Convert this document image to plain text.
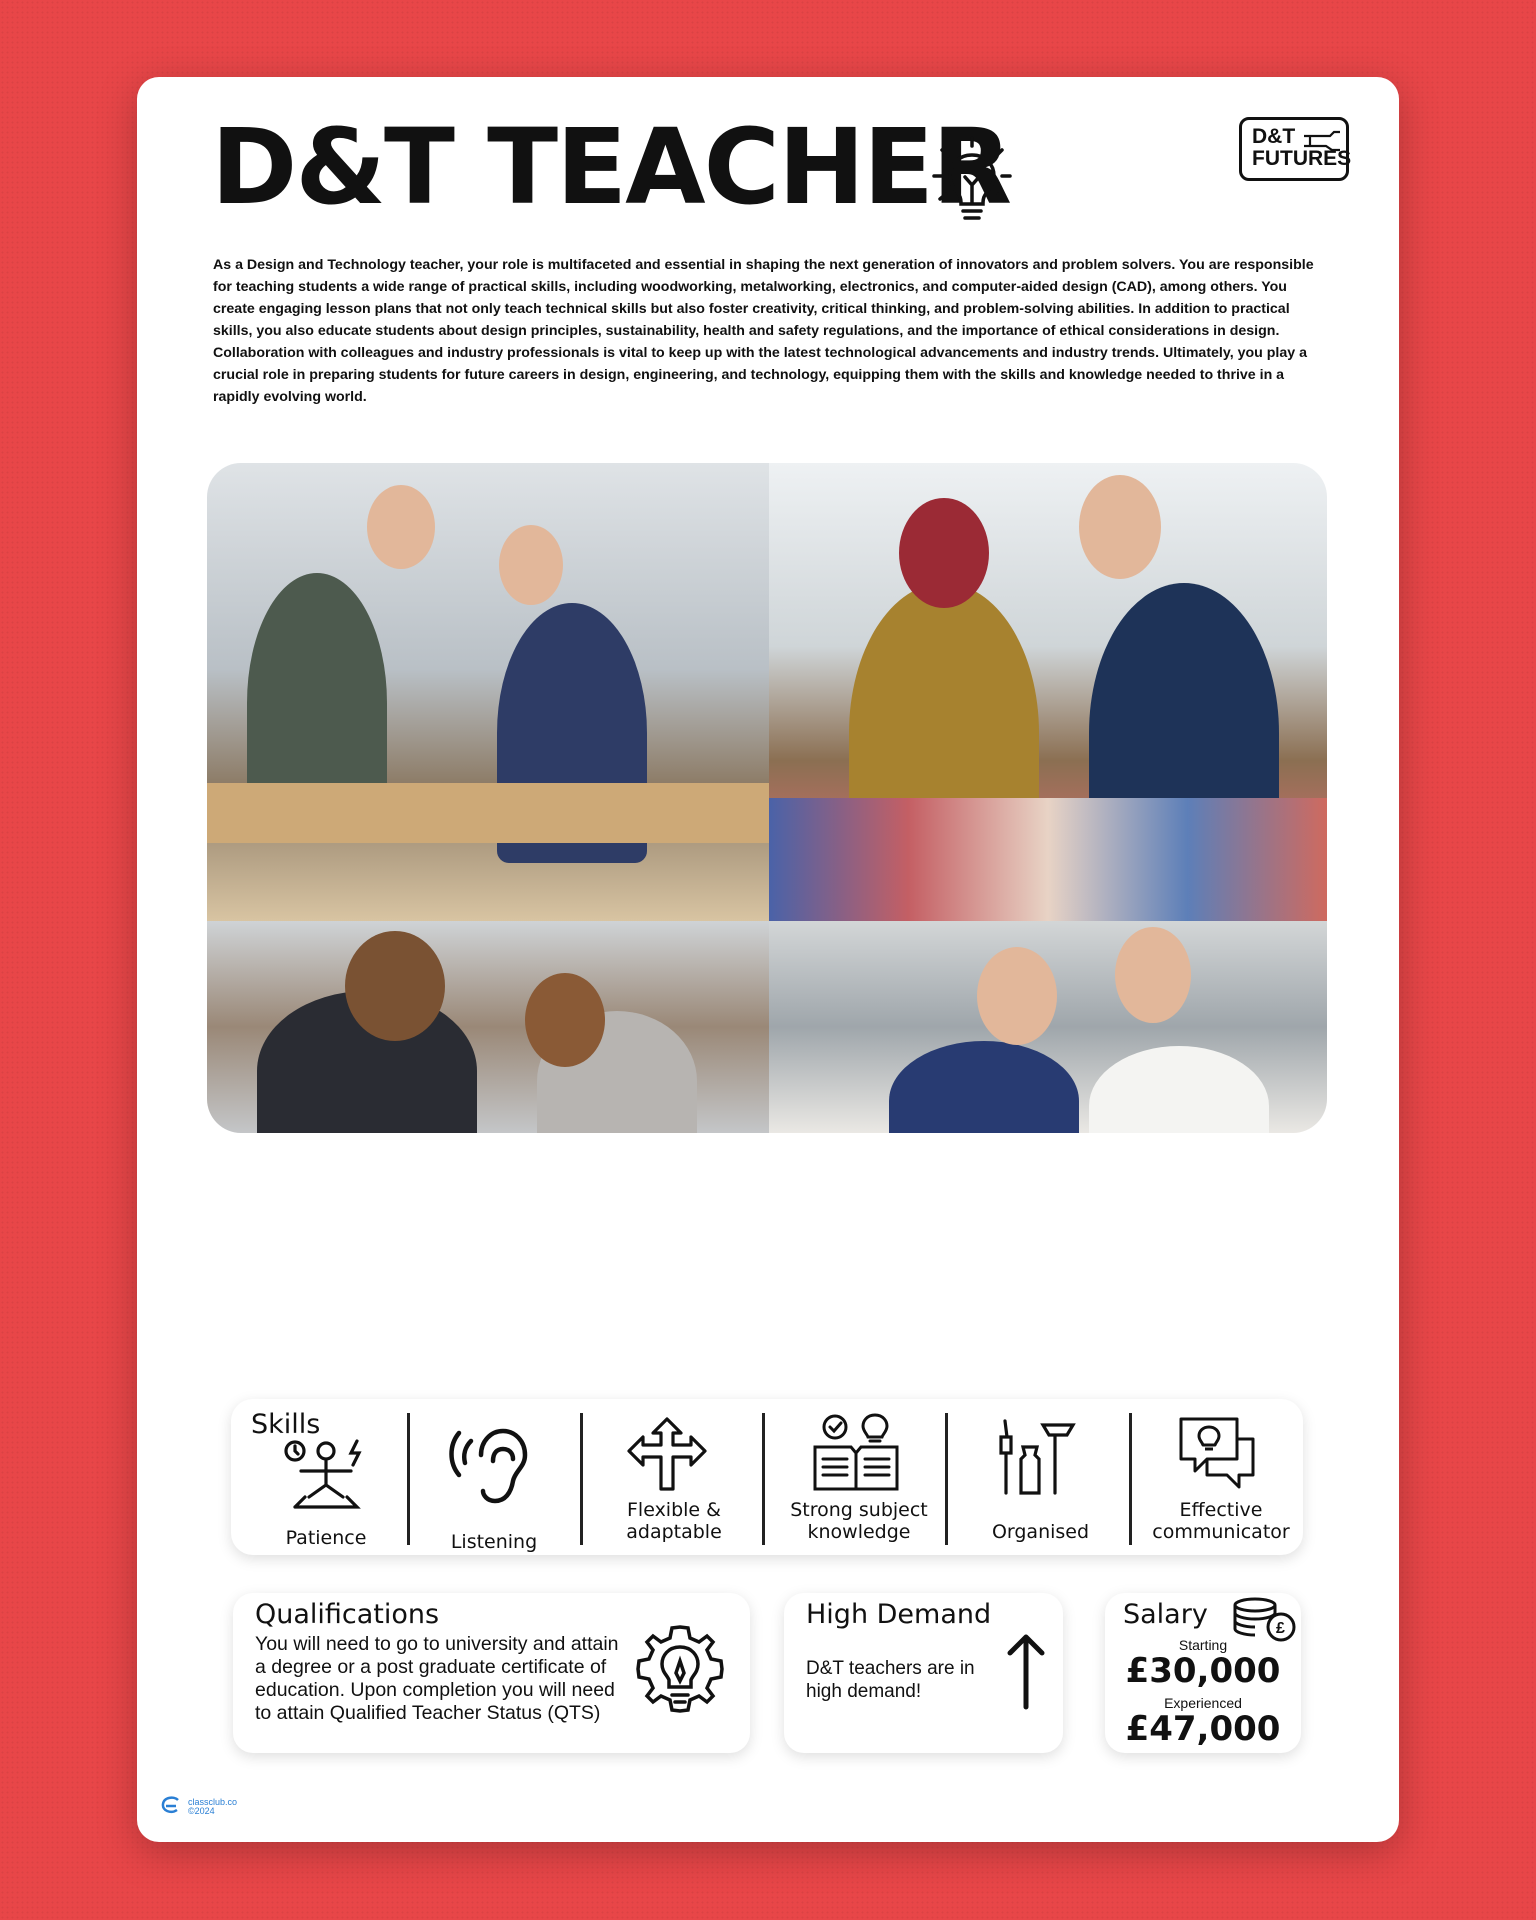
D&T TEACHER	D&T
FUTURES

As a Design and Technology teacher, your role is multifaceted and essential in shaping the next generation of innovators and problem solvers. You are responsible for teaching students a wide range of practical skills, including woodworking, metalworking, electronics, and computer-aided design (CAD), among others. You create engaging lesson plans that not only teach technical skills but also foster creativity, critical thinking, and problem-solving abilities. In addition to practical skills, you also educate students about design principles, sustainability, health and safety regulations, and the importance of ethical considerations in design. Collaboration with colleagues and industry professionals is vital to keep up with the latest technological advancements and industry trends. Ultimately, you play a crucial role in preparing students for future careers in design, engineering, and technology, equipping them with the skills and knowledge needed to thrive in a rapidly evolving world.

Skills
Patience	Listening
Flexible & adaptable
Strong subject knowledge	Organised
Effective communicator
Qualifications
You will need to go to university and attain a degree or a post graduate certificate of education. Upon completion you will need to attain Qualified Teacher Status (QTS)
High Demand
D&T teachers are in high demand!
Salary	£
Starting
£30,000
Experienced
£47,000
classclub.co
©2024
